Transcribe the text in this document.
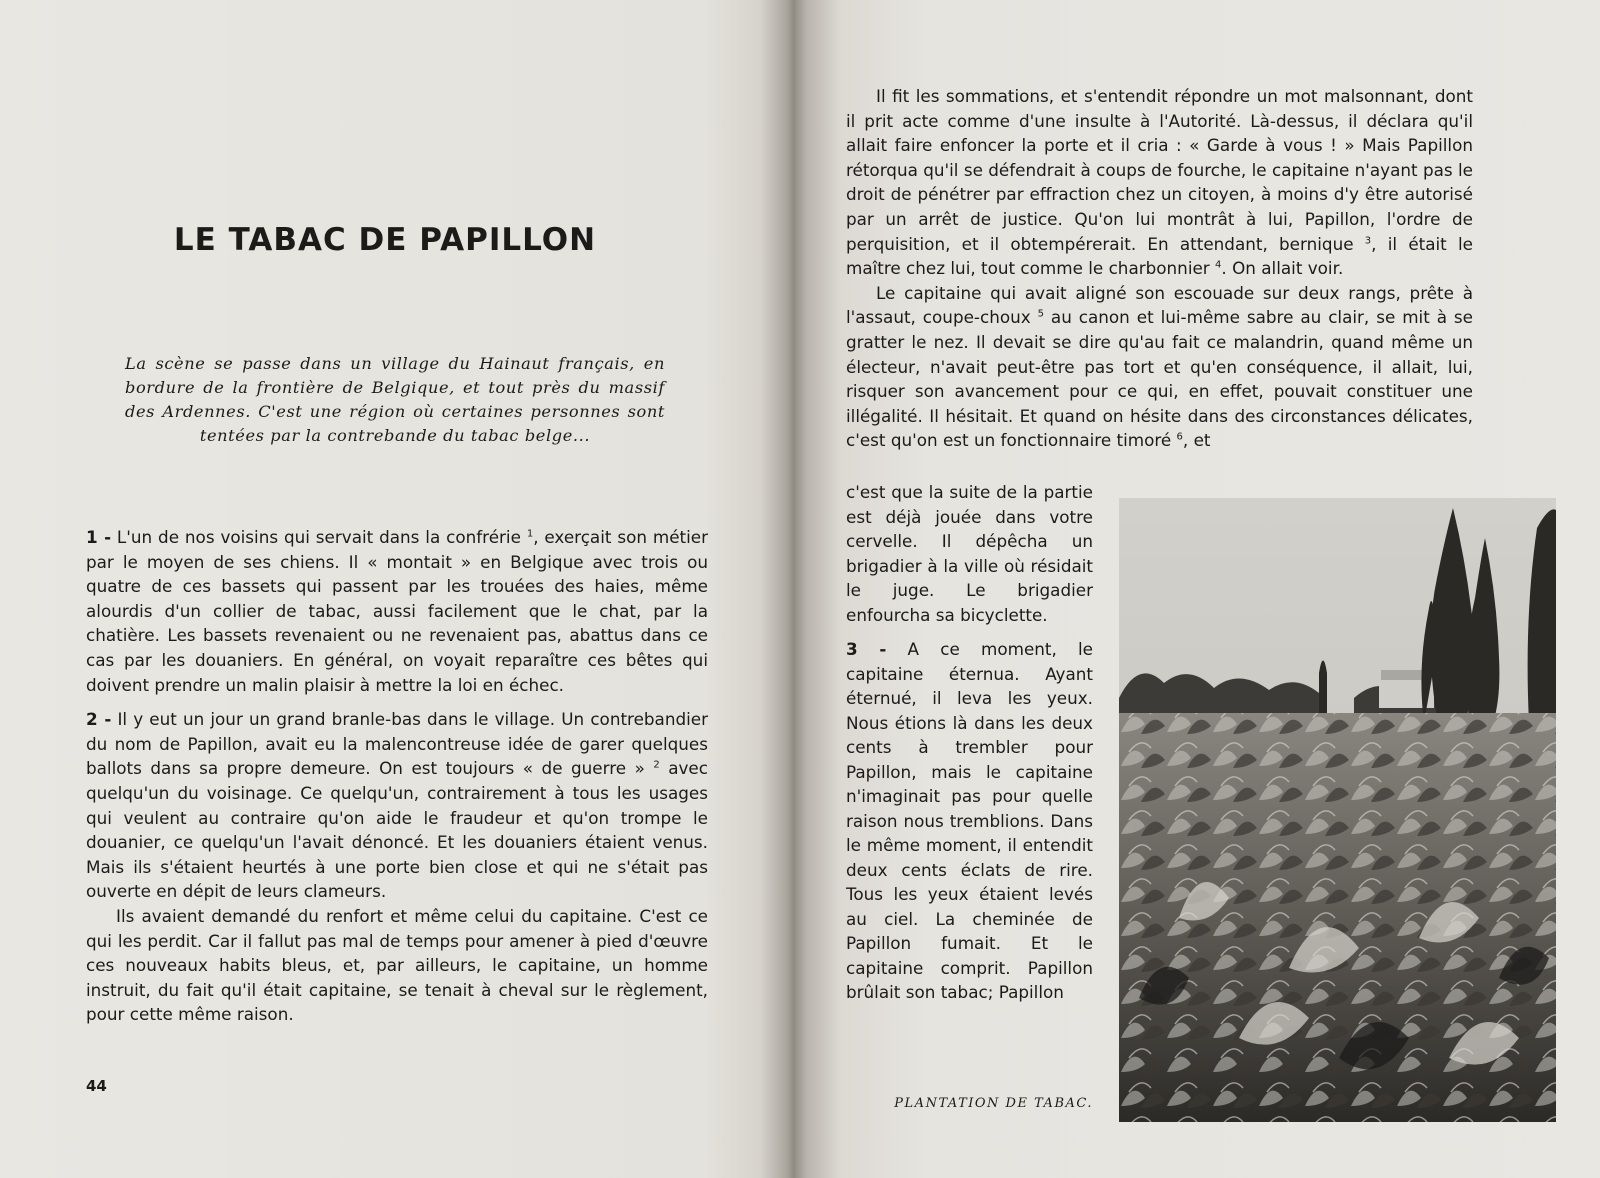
LE TABAC DE PAPILLON

La scène se passe dans un village du Hainaut français, en bordure de la frontière de Belgique, et tout près du massif des Ardennes. C'est une région où certaines personnes sont tentées par la contrebande du tabac belge...

1 - L'un de nos voisins qui servait dans la confrérie $^1$, exerçait son métier par le moyen de ses chiens. Il « montait » en Belgique avec trois ou quatre de ces bassets qui passent par les trouées des haies, même alourdis d'un collier de tabac, aussi facilement que le chat, par la chatière. Les bassets revenaient ou ne revenaient pas, abattus dans ce cas par les douaniers. En général, on voyait reparaître ces bêtes qui doivent prendre un malin plaisir à mettre la loi en échec.

2 - Il y eut un jour un grand branle-bas dans le village. Un contrebandier du nom de Papillon, avait eu la malencontreuse idée de garer quelques ballots dans sa propre demeure. On est toujours « de guerre » $^2$ avec quelqu'un du voisinage. Ce quelqu'un, contrairement à tous les usages qui veulent au contraire qu'on aide le fraudeur et qu'on trompe le douanier, ce quelqu'un l'avait dénoncé. Et les douaniers étaient venus. Mais ils s'étaient heurtés à une porte bien close et qui ne s'était pas ouverte en dépit de leurs clameurs.

Ils avaient demandé du renfort et même celui du capitaine. C'est ce qui les perdit. Car il fallut pas mal de temps pour amener à pied d'œuvre ces nouveaux habits bleus, et, par ailleurs, le capitaine, un homme instruit, du fait qu'il était capitaine, se tenait à cheval sur le règlement, pour cette même raison.

44

Il fit les sommations, et s'entendit répondre un mot malsonnant, dont il prit acte comme d'une insulte à l'Autorité. Là-dessus, il déclara qu'il allait faire enfoncer la porte et il cria : « Garde à vous ! » Mais Papillon rétorqua qu'il se défendrait à coups de fourche, le capitaine n'ayant pas le droit de pénétrer par effraction chez un citoyen, à moins d'y être autorisé par un arrêt de justice. Qu'on lui montrât à lui, Papillon, l'ordre de perquisition, et il obtempérerait. En attendant, bernique $^3$, il était le maître chez lui, tout comme le charbonnier $^4$. On allait voir.

Le capitaine qui avait aligné son escouade sur deux rangs, prête à l'assaut, coupe-choux $^5$ au canon et lui-même sabre au clair, se mit à se gratter le nez. Il devait se dire qu'au fait ce malandrin, quand même un électeur, n'avait peut-être pas tort et qu'en conséquence, il allait, lui, risquer son avancement pour ce qui, en effet, pouvait constituer une illégalité. Il hésitait. Et quand on hésite dans des circonstances délicates, c'est qu'on est un fonctionnaire timoré $^6$, et

c'est que la suite de la partie est déjà jouée dans votre cervelle. Il dépêcha un brigadier à la ville où résidait le juge. Le brigadier enfourcha sa bicyclette.

3 - A ce moment, le capitaine éternua. Ayant éternué, il leva les yeux. Nous étions là dans les deux cents à trembler pour Papillon, mais le capitaine n'imaginait pas pour quelle raison nous tremblions. Dans le même moment, il entendit deux cents éclats de rire. Tous les yeux étaient levés au ciel. La cheminée de Papillon fumait. Et le capitaine comprit. Papillon brûlait son tabac; Papillon

PLANTATION DE TABAC.
